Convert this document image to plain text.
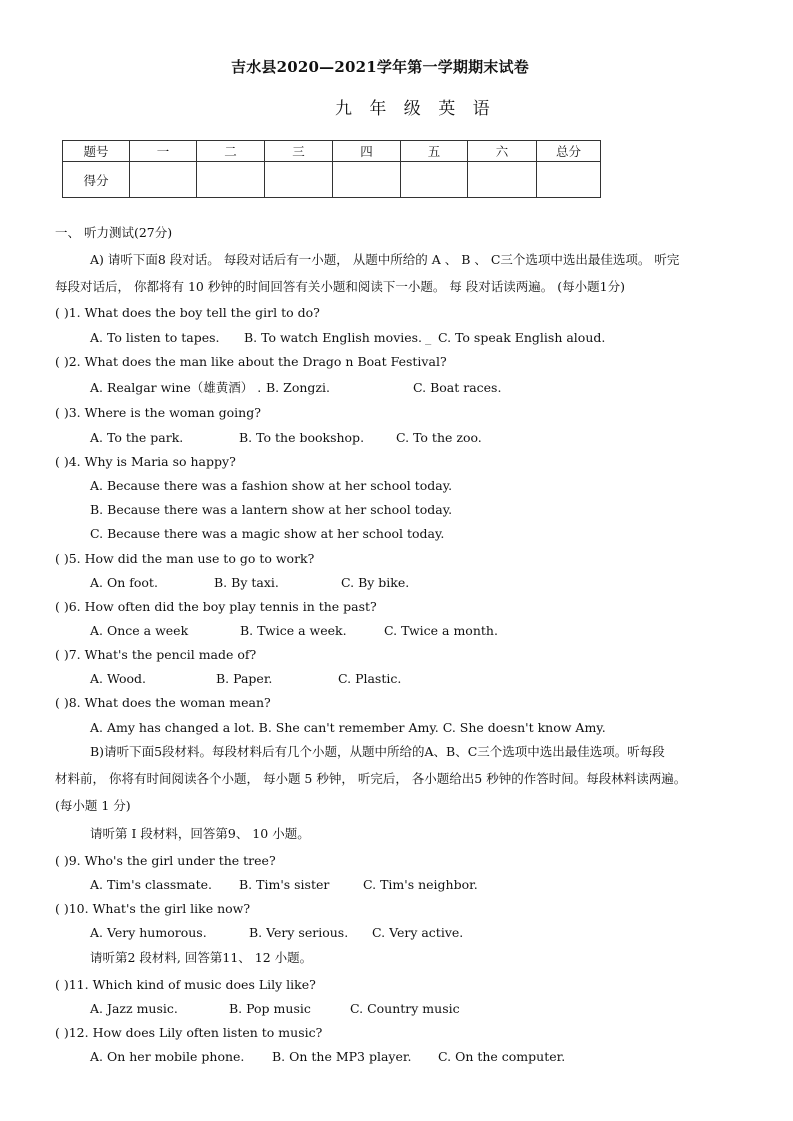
吉水县2020—2021学年第一学期期末试卷
九 年 级 英 语
题号	一	二	三	四	五	六	总分
得分							
一、 听力测试(27分)
A) 请听下面8 段对话。 每段对话后有一小题， 从题中所给的 A 、 B 、 C三个选项中选出最佳选项。 听完
每段对话后， 你都将有 10 秒钟的时间回答有关小题和阅读下一小题。 每 段对话读两遍。 (每小题1分)
( )1. What does the boy tell the girl to do?
A. To listen to tapes. B. To watch English movies. _ C. To speak English aloud.
( )2. What does the man like about the Drago n Boat Festival?
A. Realgar wine（雄黄酒） . B. Zongzi.	C. Boat races.
( )3. Where is the woman going?
A. To the park.	B. To the bookshop.	C. To the zoo.
( )4. Why is Maria so happy?
A. Because there was a fashion show at her school today.
B. Because there was a lantern show at her school today.
C. Because there was a magic show at her school today.
( )5. How did the man use to go to work?
A. On foot.	B. By taxi.	C. By bike.
( )6. How often did the boy play tennis in the past?
A. Once a week	B. Twice a week.	C. Twice a month.
( )7. What's the pencil made of?
A. Wood.	B. Paper.	C. Plastic.
( )8. What does the woman mean?
A. Amy has changed a lot. B. She can't remember Amy. C. She doesn't know Amy.
B)请听下面5段材料。每段材料后有几个小题，从题中所给的A、B、C三个选项中选出最佳选项。听每段
材料前， 你将有时间阅读各个小题， 每小题 5 秒钟， 听完后， 各小题给出5 秒钟的作答时间。每段林料读两遍。
(每小题 1 分)
请听第 Ⅰ 段材料，回答第9、 10 小题。
( )9. Who's the girl under the tree?
A. Tim's classmate. B. Tim's sister	C. Tim's neighbor.
( )10. What's the girl like now?
A. Very humorous.	B. Very serious. C. Very active.
请听第2 段材料, 回答第11、 12 小题。
( )11. Which kind of music does Lily like?
A. Jazz music.	B. Pop music	C. Country music
( )12. How does Lily often listen to music?
A. On her mobile phone. B. On the MP3 player. C. On the computer.
